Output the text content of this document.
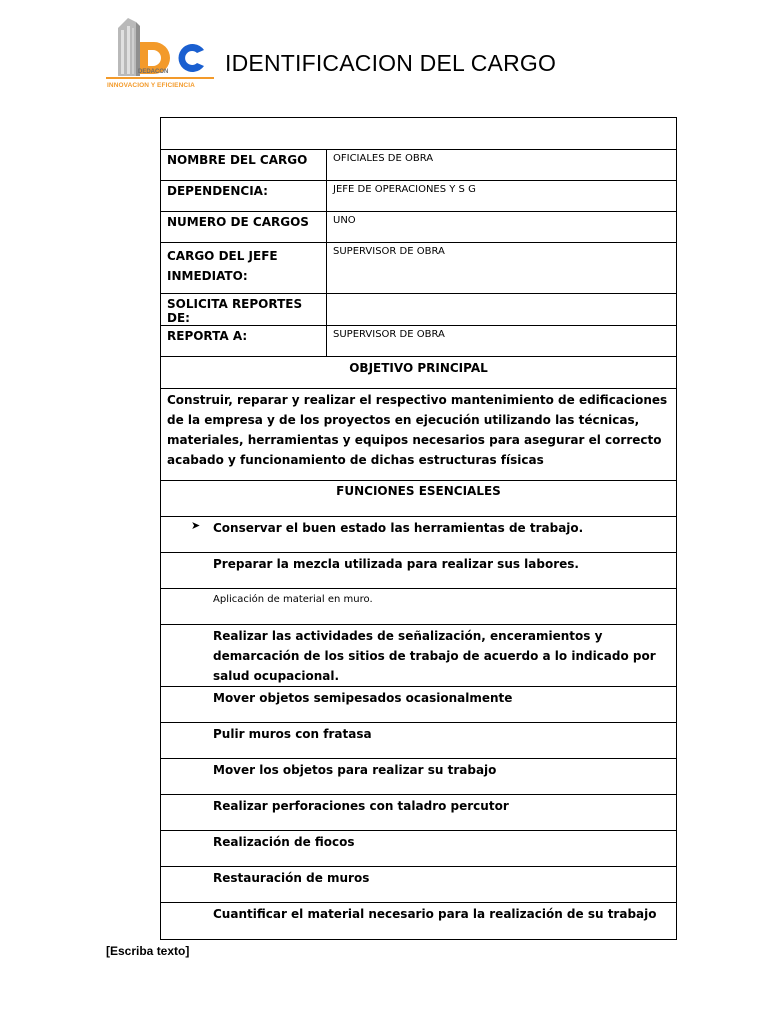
DEDACON
INNOVACION Y EFICIENCIA
IDENTIFICACION DEL CARGO

NOMBRE DEL CARGO	OFICIALES DE OBRA
DEPENDENCIA:	JEFE DE OPERACIONES Y S G
NUMERO DE CARGOS	UNO
CARGO DEL JEFE INMEDIATO:	SUPERVISOR DE OBRA
SOLICITA REPORTES DE:	
REPORTA A:	SUPERVISOR DE OBRA
OBJETIVO PRINCIPAL	
Construir, reparar y realizar el respectivo mantenimiento de edificaciones de la empresa y de los proyectos en ejecución utilizando las técnicas, materiales, herramientas y equipos necesarios para asegurar el correcto acabado y funcionamiento de dichas estructuras físicas	
FUNCIONES ESENCIALES	

➤ Conservar el buen estado las herramientas de trabajo.	

Preparar la mezcla utilizada para realizar sus labores.	

Aplicación de material en muro.	

Realizar las actividades de señalización, enceramientos y demarcación de los sitios de trabajo de acuerdo a lo indicado por salud ocupacional.	

Mover objetos semipesados ocasionalmente	

Pulir muros con fratasa	

Mover los objetos para realizar su trabajo	

Realizar perforaciones con taladro percutor	

Realización de fiocos	

Restauración de muros	

Cuantificar el material necesario para la realización de su trabajo	
[Escriba texto]
